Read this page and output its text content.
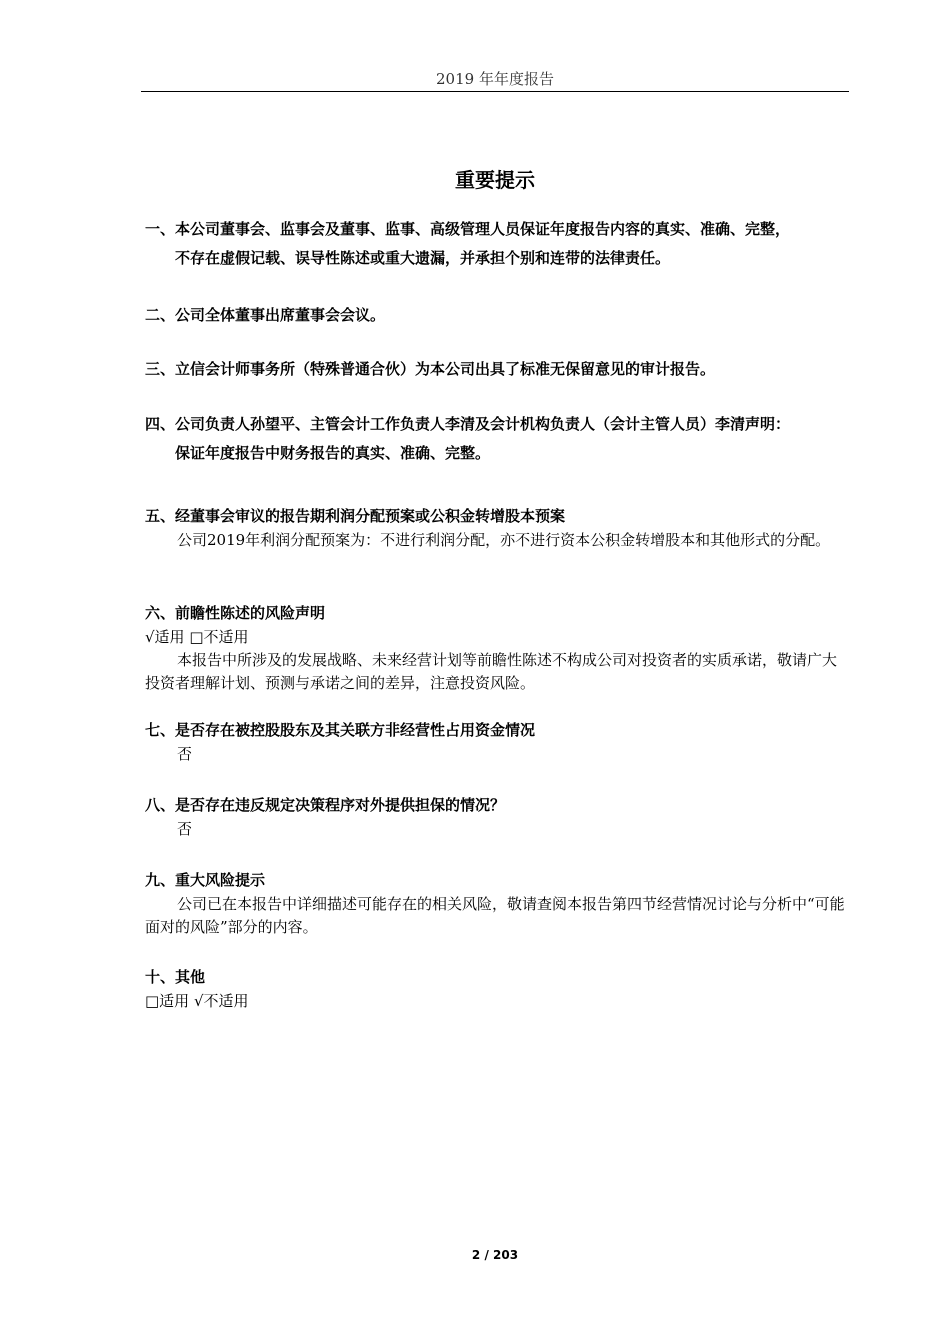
2019 年年度报告
重要提示
一、本公司董事会、监事会及董事、监事、高级管理人员保证年度报告内容的真实、准确、完整，
不存在虚假记载、误导性陈述或重大遗漏，并承担个别和连带的法律责任。
二、公司全体董事出席董事会会议。
三、立信会计师事务所（特殊普通合伙）为本公司出具了标准无保留意见的审计报告。
四、公司负责人孙望平、主管会计工作负责人李清及会计机构负责人（会计主管人员）李清声明：
保证年度报告中财务报告的真实、准确、完整。
五、经董事会审议的报告期利润分配预案或公积金转增股本预案
公司2019年利润分配预案为：不进行利润分配，亦不进行资本公积金转增股本和其他形式的分配。
六、前瞻性陈述的风险声明
√适用 □不适用
本报告中所涉及的发展战略、未来经营计划等前瞻性陈述不构成公司对投资者的实质承诺，敬请广大投资者理解计划、预测与承诺之间的差异，注意投资风险。
七、是否存在被控股股东及其关联方非经营性占用资金情况
否
八、是否存在违反规定决策程序对外提供担保的情况？
否
九、重大风险提示
公司已在本报告中详细描述可能存在的相关风险，敬请查阅本报告第四节经营情况讨论与分析中“可能面对的风险”部分的内容。
十、其他
□适用 √不适用
2 / 203
